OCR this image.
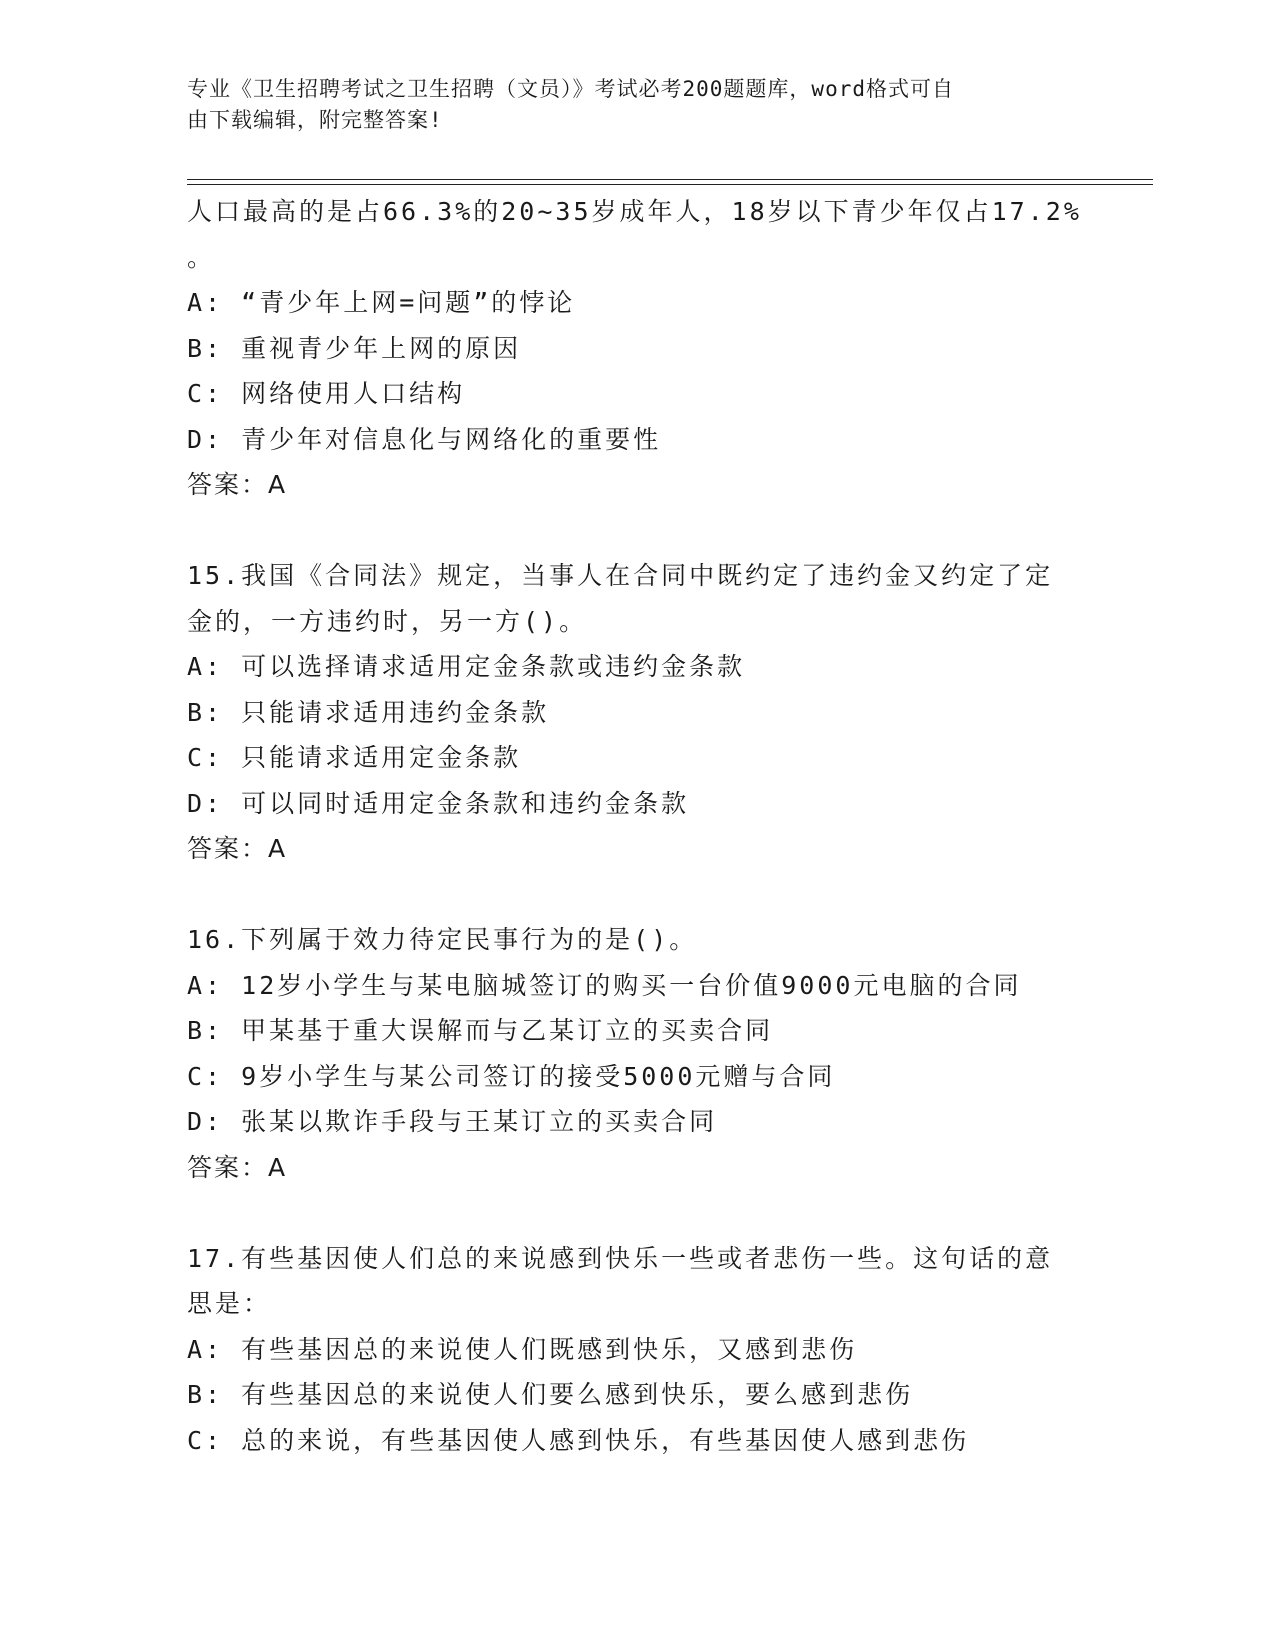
专业《卫生招聘考试之卫生招聘（文员）》考试必考200题题库，word格式可自
由下载编辑，附完整答案!
人口最高的是占66.3%的20~35岁成年人，18岁以下青少年仅占17.2%
。
A: “青少年上网=问题”的悖论
B: 重视青少年上网的原因
C: 网络使用人口结构
D: 青少年对信息化与网络化的重要性
答案：A
15.我国《合同法》规定，当事人在合同中既约定了违约金又约定了定
金的，一方违约时，另一方()。
A: 可以选择请求适用定金条款或违约金条款
B: 只能请求适用违约金条款
C: 只能请求适用定金条款
D: 可以同时适用定金条款和违约金条款
答案：A
16.下列属于效力待定民事行为的是()。
A: 12岁小学生与某电脑城签订的购买一台价值9000元电脑的合同
B: 甲某基于重大误解而与乙某订立的买卖合同
C: 9岁小学生与某公司签订的接受5000元赠与合同
D: 张某以欺诈手段与王某订立的买卖合同
答案：A
17.有些基因使人们总的来说感到快乐一些或者悲伤一些。这句话的意
思是：
A: 有些基因总的来说使人们既感到快乐，又感到悲伤
B: 有些基因总的来说使人们要么感到快乐，要么感到悲伤
C: 总的来说，有些基因使人感到快乐，有些基因使人感到悲伤
